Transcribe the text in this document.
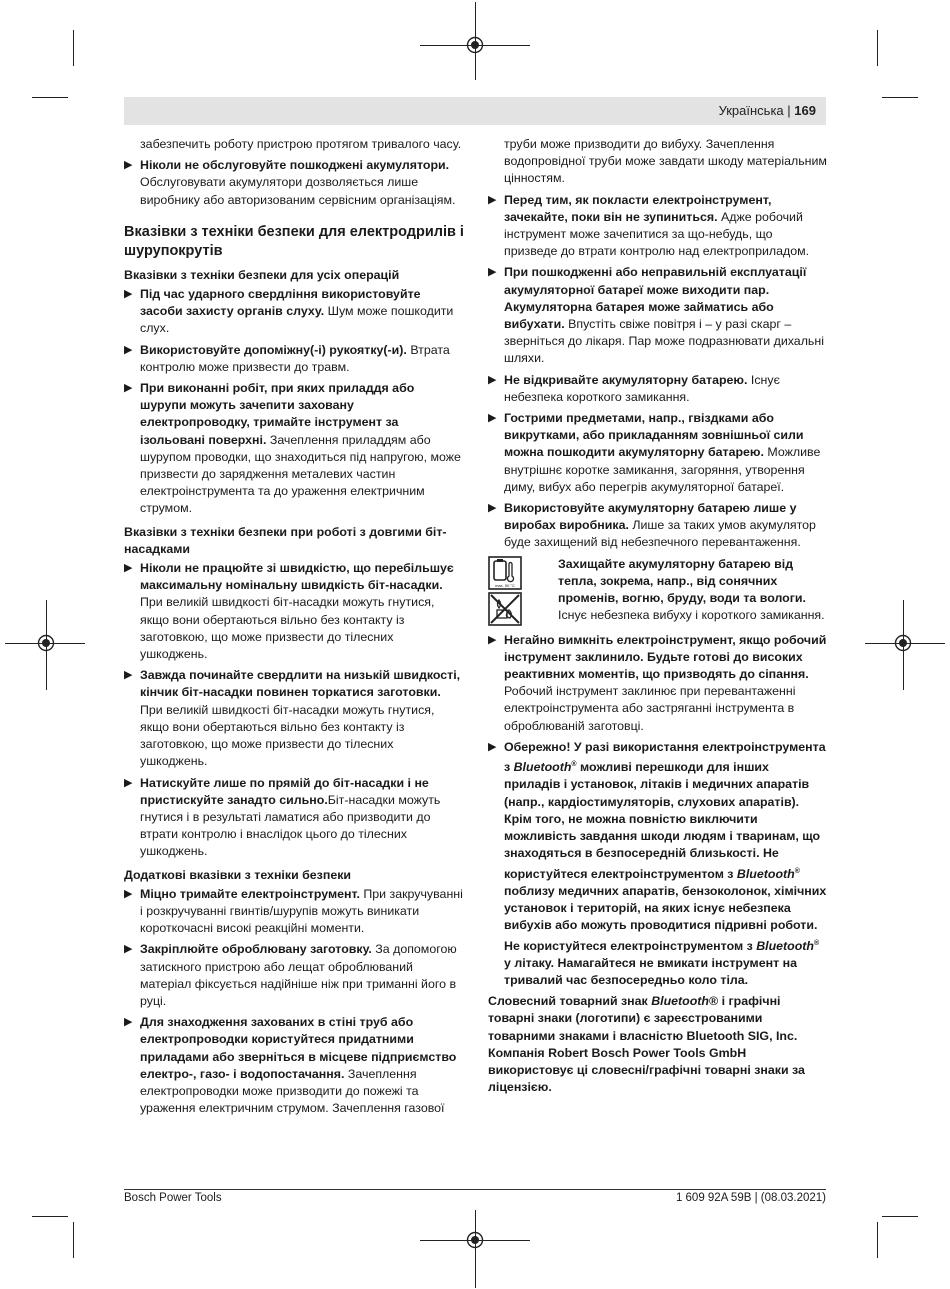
Українська | 169

забезпечить роботу пристрою протягом тривалого часу.

▶ Ніколи не обслуговуйте пошкоджені акумулятори. Обслуговувати акумулятори дозволяється лише виробнику або авторизованим сервісним організаціям.
Вказівки з техніки безпеки для електродрилів і шурупокрутів
Вказівки з техніки безпеки для усіх операцій
▶ Під час ударного свердління використовуйте засоби захисту органів слуху. Шум може пошкодити слух.
▶ Використовуйте допоміжну(-і) рукоятку(-и). Втрата контролю може призвести до травм.
▶ При виконанні робіт, при яких приладдя або шурупи можуть зачепити заховану електропроводку, тримайте інструмент за ізольовані поверхні. Зачеплення приладдям або шурупом проводки, що знаходиться під напругою, може призвести до зарядження металевих частин електроінструмента та до ураження електричним струмом.
Вказівки з техніки безпеки при роботі з довгими біт-насадками
▶ Ніколи не працюйте зі швидкістю, що перебільшує максимальну номінальну швидкість біт-насадки. При великій швидкості біт-насадки можуть гнутися, якщо вони обертаються вільно без контакту із заготовкою, що може призвести до тілесних ушкоджень.
▶ Завжда починайте свердлити на низькій швидкості, кінчик біт-насадки повинен торкатися заготовки. При великій швидкості біт-насадки можуть гнутися, якщо вони обертаються вільно без контакту із заготовкою, що може призвести до тілесних ушкоджень.
▶ Натискуйте лише по прямій до біт-насадки і не пристискуйте занадто сильно.Біт-насадки можуть гнутися і в результаті ламатися або призводити до втрати контролю і внаслідок цього до тілесних ушкоджень.
Додаткові вказівки з техніки безпеки
▶ Міцно тримайте електроінструмент. При закручуванні і розкручуванні гвинтів/шурупів можуть виникати короткочасні високі реакційні моменти.
▶ Закріплюйте оброблювану заготовку. За допомогою затискного пристрою або лещат оброблюваний матеріал фіксується надійніше ніж при триманні його в руці.
▶ Для знаходження захованих в стіні труб або електропроводки користуйтеся придатними приладами або зверніться в місцеве підприємство електро-, газо- і водопостачання. Зачеплення електропроводки може призводити до пожежі та ураження електричним струмом. Зачеплення газової

труби може призводити до вибуху. Зачеплення водопровідної труби може завдати шкоду матеріальним цінностям.

▶ Перед тим, як покласти електроінструмент, зачекайте, поки він не зупиниться. Адже робочий інструмент може зачепитися за що-небудь, що призведе до втрати контролю над електроприладом.
▶ При пошкодженні або неправильній експлуатації акумуляторної батареї може виходити пар. Акумуляторна батарея може займатись або вибухати. Впустіть свіже повітря і – у разі скарг – зверніться до лікаря. Пар може подразнювати дихальні шляхи.
▶ Не відкривайте акумуляторну батарею. Існує небезпека короткого замикання.
▶ Гострими предметами, напр., гвіздками або викрутками, або прикладанням зовнішньої сили можна пошкодити акумуляторну батарею. Можливе внутрішнє коротке замикання, загоряння, утворення диму, вибух або перегрів акумуляторної батареї.
▶ Використовуйте акумуляторну батарею лише у виробах виробника. Лише за таких умов акумулятор буде захищений від небезпечного перевантаження.
max. 50 °C
Захищайте акумуляторну батарею від тепла, зокрема, напр., від сонячних променів, вогню, бруду, води та вологи. Існує небезпека вибуху і короткого замикання.
▶ Негайно вимкніть електроінструмент, якщо робочий інструмент заклинило. Будьте готові до високих реактивних моментів, що призводять до сіпання. Робочий інструмент заклинює при перевантаженні електроінструмента або застряганні інструмента в оброблюваній заготовці.
▶ Обережно! У разі використання електроінструмента з Bluetooth® можливі перешкоди для інших приладів і установок, літаків і медичних апаратів (напр., кардіостимуляторів, слухових апаратів). Крім того, не можна повністю виключити можливість завдання шкоди людям і тваринам, що знаходяться в безпосередній близькості. Не користуйтеся електроінструментом з Bluetooth® поблизу медичних апаратів, бензоколонок, хімічних установок і територій, на яких існує небезпека вибухів або можуть проводитися підривні роботи. Не користуйтеся електроінструментом з Bluetooth® у літаку. Намагайтеся не вмикати інструмент на тривалий час безпосередньо коло тіла.

Словесний товарний знак Bluetooth® і графічні товарні знаки (логотипи) є зареєстрованими товарними знаками і власністю Bluetooth SIG, Inc. Компанія Robert Bosch Power Tools GmbH використовує ці словесні/графічні товарні знаки за ліцензією.

Bosch Power Tools	1 609 92A 59B | (08.03.2021)
